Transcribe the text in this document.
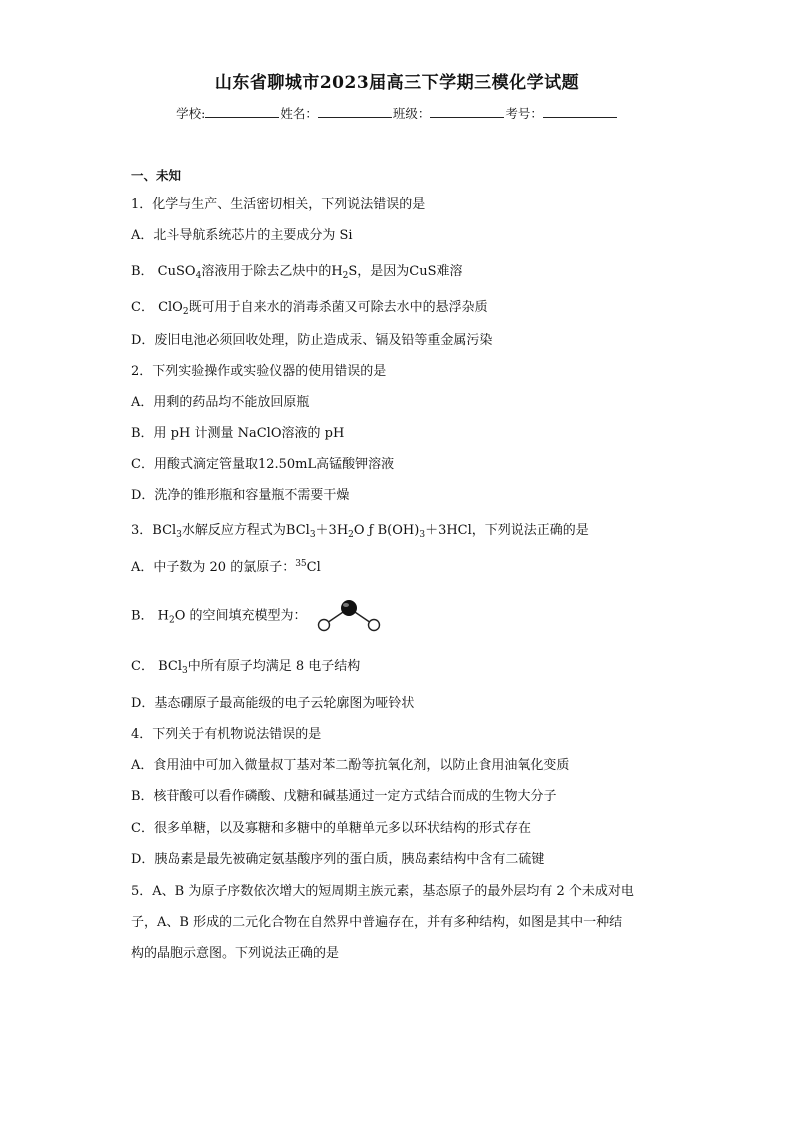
山东省聊城市2023届高三下学期三模化学试题
学校:	姓名：	班级：	考号：
一、未知
1．化学与生产、生活密切相关，下列说法错误的是
A．北斗导航系统芯片的主要成分为 Si
B． CuSO$_4$溶液用于除去乙炔中的$H_2S$，是因为CuS难溶
C． ClO$_2$既可用于自来水的消毒杀菌又可除去水中的悬浮杂质
D．废旧电池必须回收处理，防止造成汞、镉及铅等重金属污染
2．下列实验操作或实验仪器的使用错误的是
A．用剩的药品均不能放回原瓶
B．用 pH 计测量 NaClO溶液的 pH
C．用酸式滴定管量取12.50mL高锰酸钾溶液
D．洗净的锥形瓶和容量瓶不需要干燥
3．BCl$_3$水解反应方程式为$BCl_3+3H_2O$ ƒ $B(OH)_3+3HCl$，下列说法正确的是
A．中子数为 20 的氯原子：$^{35}$Cl
B． $H_2O$ 的空间填充模型为：
C． BCl$_3$中所有原子均满足 8 电子结构
D．基态硼原子最高能级的电子云轮廓图为哑铃状
4．下列关于有机物说法错误的是
A．食用油中可加入微量叔丁基对苯二酚等抗氧化剂，以防止食用油氧化变质
B．核苷酸可以看作磷酸、戊糖和碱基通过一定方式结合而成的生物大分子
C．很多单糖，以及寡糖和多糖中的单糖单元多以环状结构的形式存在
D．胰岛素是最先被确定氨基酸序列的蛋白质，胰岛素结构中含有二硫键
5．A、B 为原子序数依次增大的短周期主族元素，基态原子的最外层均有 2 个未成对电
子，A、B 形成的二元化合物在自然界中普遍存在，并有多种结构，如图是其中一种结
构的晶胞示意图。下列说法正确的是
